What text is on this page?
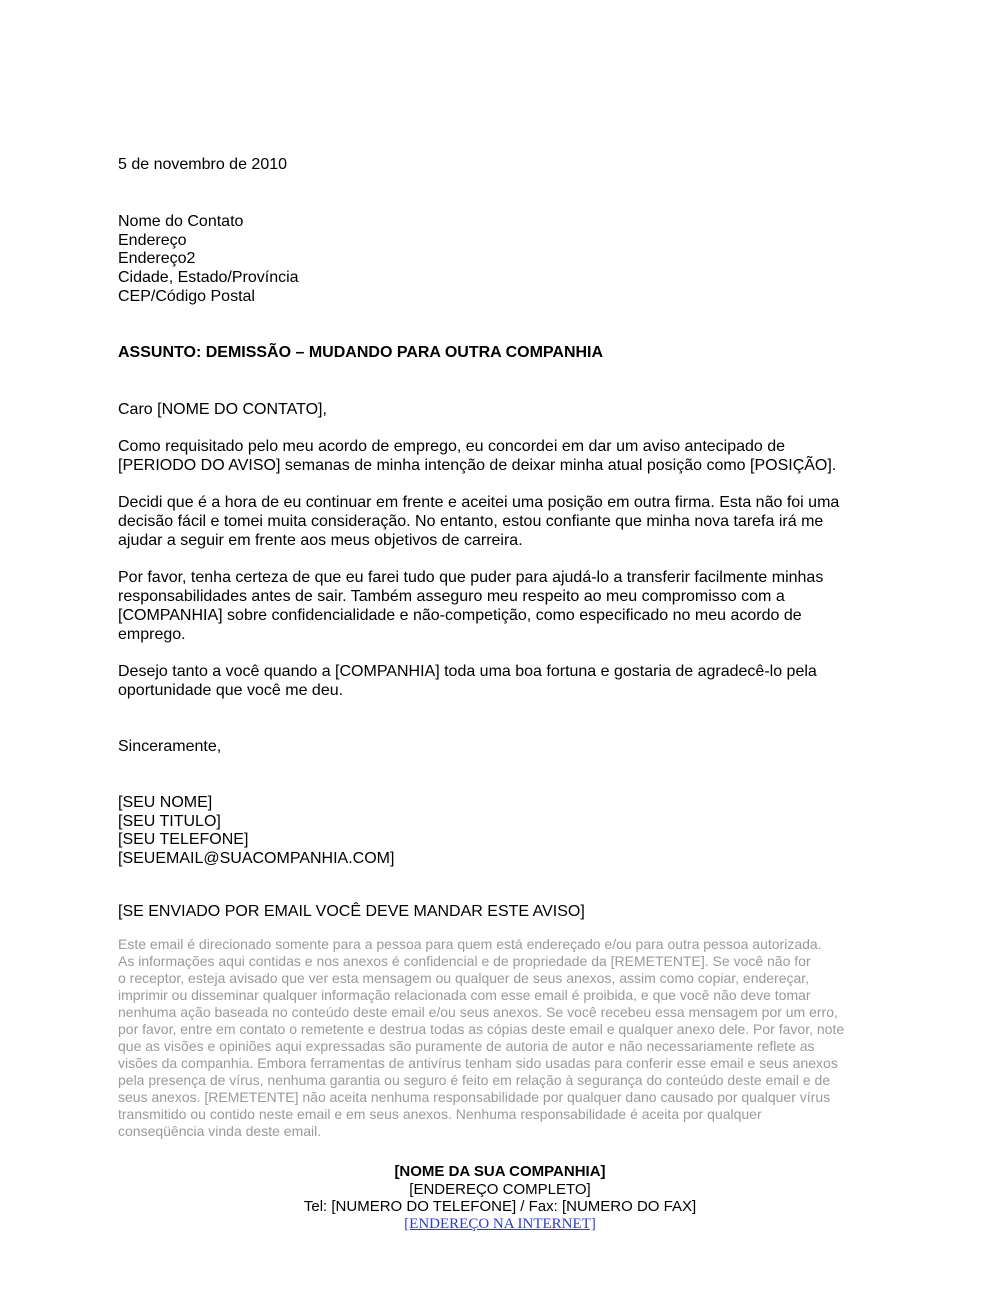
5 de novembro de 2010
Nome do Contato
Endereço
Endereço2
Cidade, Estado/Província
CEP/Código Postal
ASSUNTO: DEMISSÃO – MUDANDO PARA OUTRA COMPANHIA
Caro [NOME DO CONTATO],
Como requisitado pelo meu acordo de emprego, eu concordei em dar um aviso antecipado de
[PERIODO DO AVISO] semanas de minha intenção de deixar minha atual posição como [POSIÇÃO].
Decidi que é a hora de eu continuar em frente e aceitei uma posição em outra firma. Esta não foi uma
decisão fácil e tomei muita consideração. No entanto, estou confiante que minha nova tarefa irá me
ajudar a seguir em frente aos meus objetivos de carreira.
Por favor, tenha certeza de que eu farei tudo que puder para ajudá-lo a transferir facilmente minhas
responsabilidades antes de sair. Também asseguro meu respeito ao meu compromisso com a
[COMPANHIA] sobre confidencialidade e não-competição, como especificado no meu acordo de
emprego.
Desejo tanto a você quando a [COMPANHIA] toda uma boa fortuna e gostaria de agradecê-lo pela
oportunidade que você me deu.
Sinceramente,
[SEU NOME]
[SEU TITULO]
[SEU TELEFONE]
[SEUEMAIL@SUACOMPANHIA.COM]
[SE ENVIADO POR EMAIL VOCÊ DEVE MANDAR ESTE AVISO]
Este email é direcionado somente para a pessoa para quem está endereçado e/ou para outra pessoa autorizada.
As informações aqui contidas e nos anexos é confidencial e de propriedade da [REMETENTE]. Se você não for
o receptor, esteja avisado que ver esta mensagem ou qualquer de seus anexos, assim como copiar, endereçar,
imprimir ou disseminar qualquer informação relacionada com esse email é proibida, e que você não deve tomar
nenhuma ação baseada no conteúdo deste email e/ou seus anexos. Se você recebeu essa mensagem por um erro,
por favor, entre em contato o remetente e destrua todas as cópias deste email e qualquer anexo dele. Por favor, note
que as visões e opiniões aqui expressadas são puramente de autoria de autor e não necessariamente reflete as
visões da companhia. Embora ferramentas de antivírus tenham sido usadas para conferir esse email e seus anexos
pela presença de vírus, nenhuma garantia ou seguro é feito em relação à segurança do conteúdo deste email e de
seus anexos. [REMETENTE] não aceita nenhuma responsabilidade por qualquer dano causado por qualquer vírus
transmitido ou contido neste email e em seus anexos. Nenhuma responsabilidade é aceita por qualquer
conseqüência vinda deste email.
[NOME DA SUA COMPANHIA]
[ENDEREÇO COMPLETO]
Tel: [NUMERO DO TELEFONE] / Fax: [NUMERO DO FAX]
[ENDEREÇO NA INTERNET]
